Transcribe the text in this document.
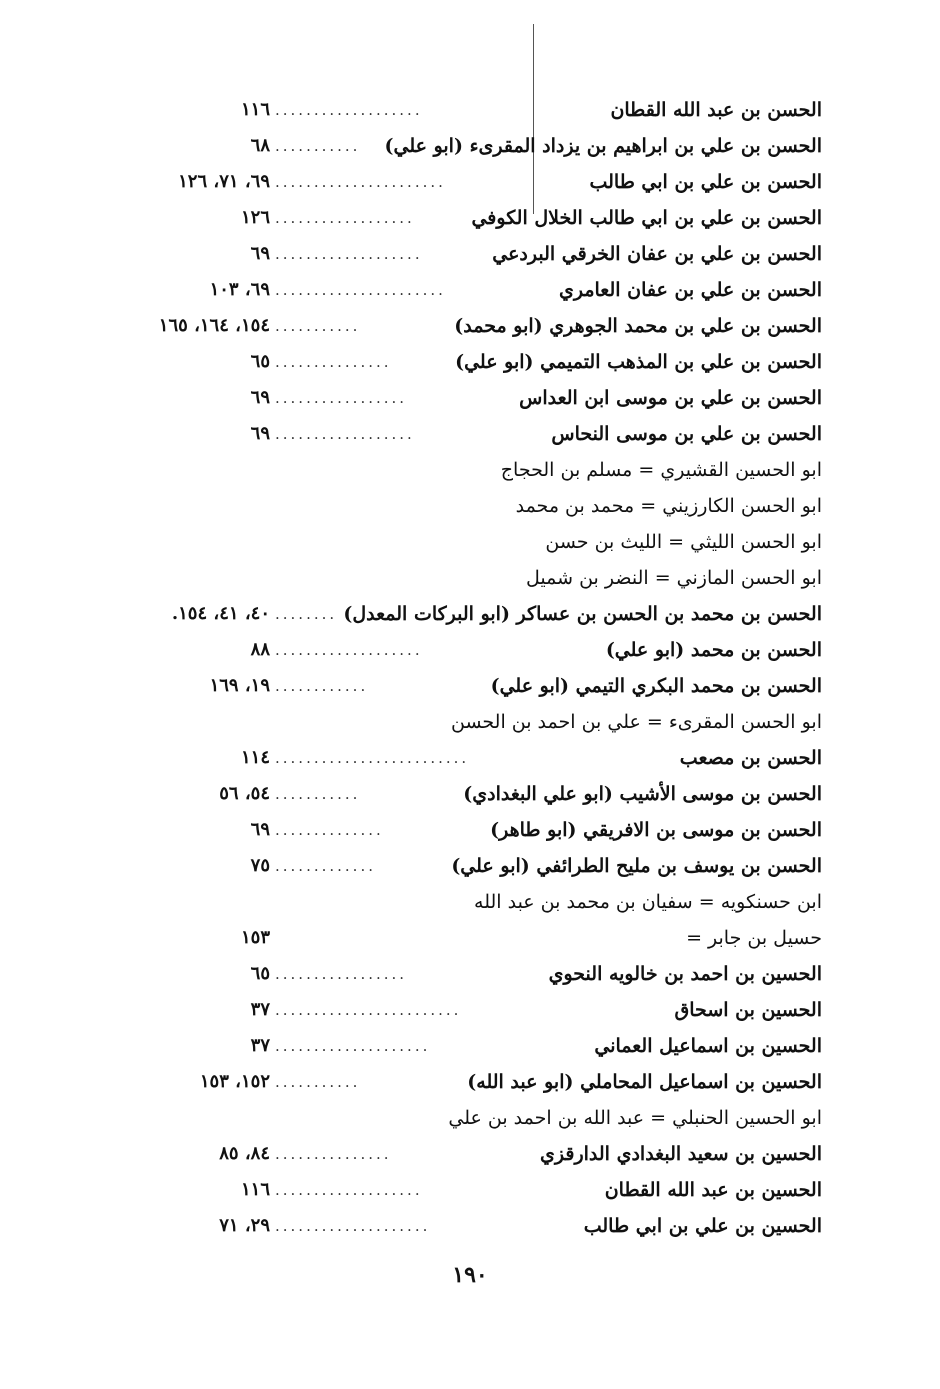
الحسن بن عبد الله القطان
...................
١١٦
الحسن بن علي بن ابراهيم بن يزداد المقرىء (ابو علي)
...........
٦٨
الحسن بن علي بن ابي طالب
......................
٦٩، ٧١، ١٢٦
الحسن بن علي بن ابي طالب الخلال الكوفي
..................
١٢٦
الحسن بن علي بن عفان الخرقي البردعي
...................
٦٩
الحسن بن علي بن عفان العامري
......................
٦٩، ١٠٣
الحسن بن علي بن محمد الجوهري (ابو محمد)
...........
١٥٤، ١٦٤، ١٦٥
الحسن بن علي بن المذهب التميمي (ابو علي)
...............
٦٥
الحسن بن علي بن موسى ابن العداس
.................
٦٩
الحسن بن علي بن موسى النحاس
..................
٦٩
ابو الحسين القشيري = مسلم بن الحجاج
ابو الحسن الكارزيني = محمد بن محمد
ابو الحسن الليثي = الليث بن حسن
ابو الحسن المازني = النضر بن شميل
الحسن بن محمد بن الحسن بن عساكر (ابو البركات المعدل)
........
٤٠، ٤١، ١٥٤.
الحسن بن محمد (ابو علي)
...................
٨٨
الحسن بن محمد البكري التيمي (ابو علي)
............
١٩، ١٦٩
ابو الحسن المقرىء = علي بن احمد بن الحسن
الحسن بن مصعب
.........................
١١٤
الحسن بن موسى الأشيب (ابو علي البغدادي)
...........
٥٤، ٥٦
الحسن بن موسى بن الافريقي (ابو طاهر)
..............
٦٩
الحسن بن يوسف بن مليح الطرائفي (ابو علي)
.............
٧٥
ابن حسنكويه = سفيان بن محمد بن عبد الله
حسيل بن جابر =
١٥٣
الحسين بن احمد بن خالويه النحوي
.................
٦٥
الحسين بن اسحاق
........................
٣٧
الحسين بن اسماعيل العماني
....................
٣٧
الحسين بن اسماعيل المحاملي (ابو عبد الله)
...........
١٥٢، ١٥٣
ابو الحسين الحنبلي = عبد الله بن احمد بن علي
الحسين بن سعيد البغدادي الدارقزي
...............
٨٤، ٨٥
الحسين بن عبد الله القطان
...................
١١٦
الحسين بن علي بن ابي طالب
....................
٢٩، ٧١
١٩٠
